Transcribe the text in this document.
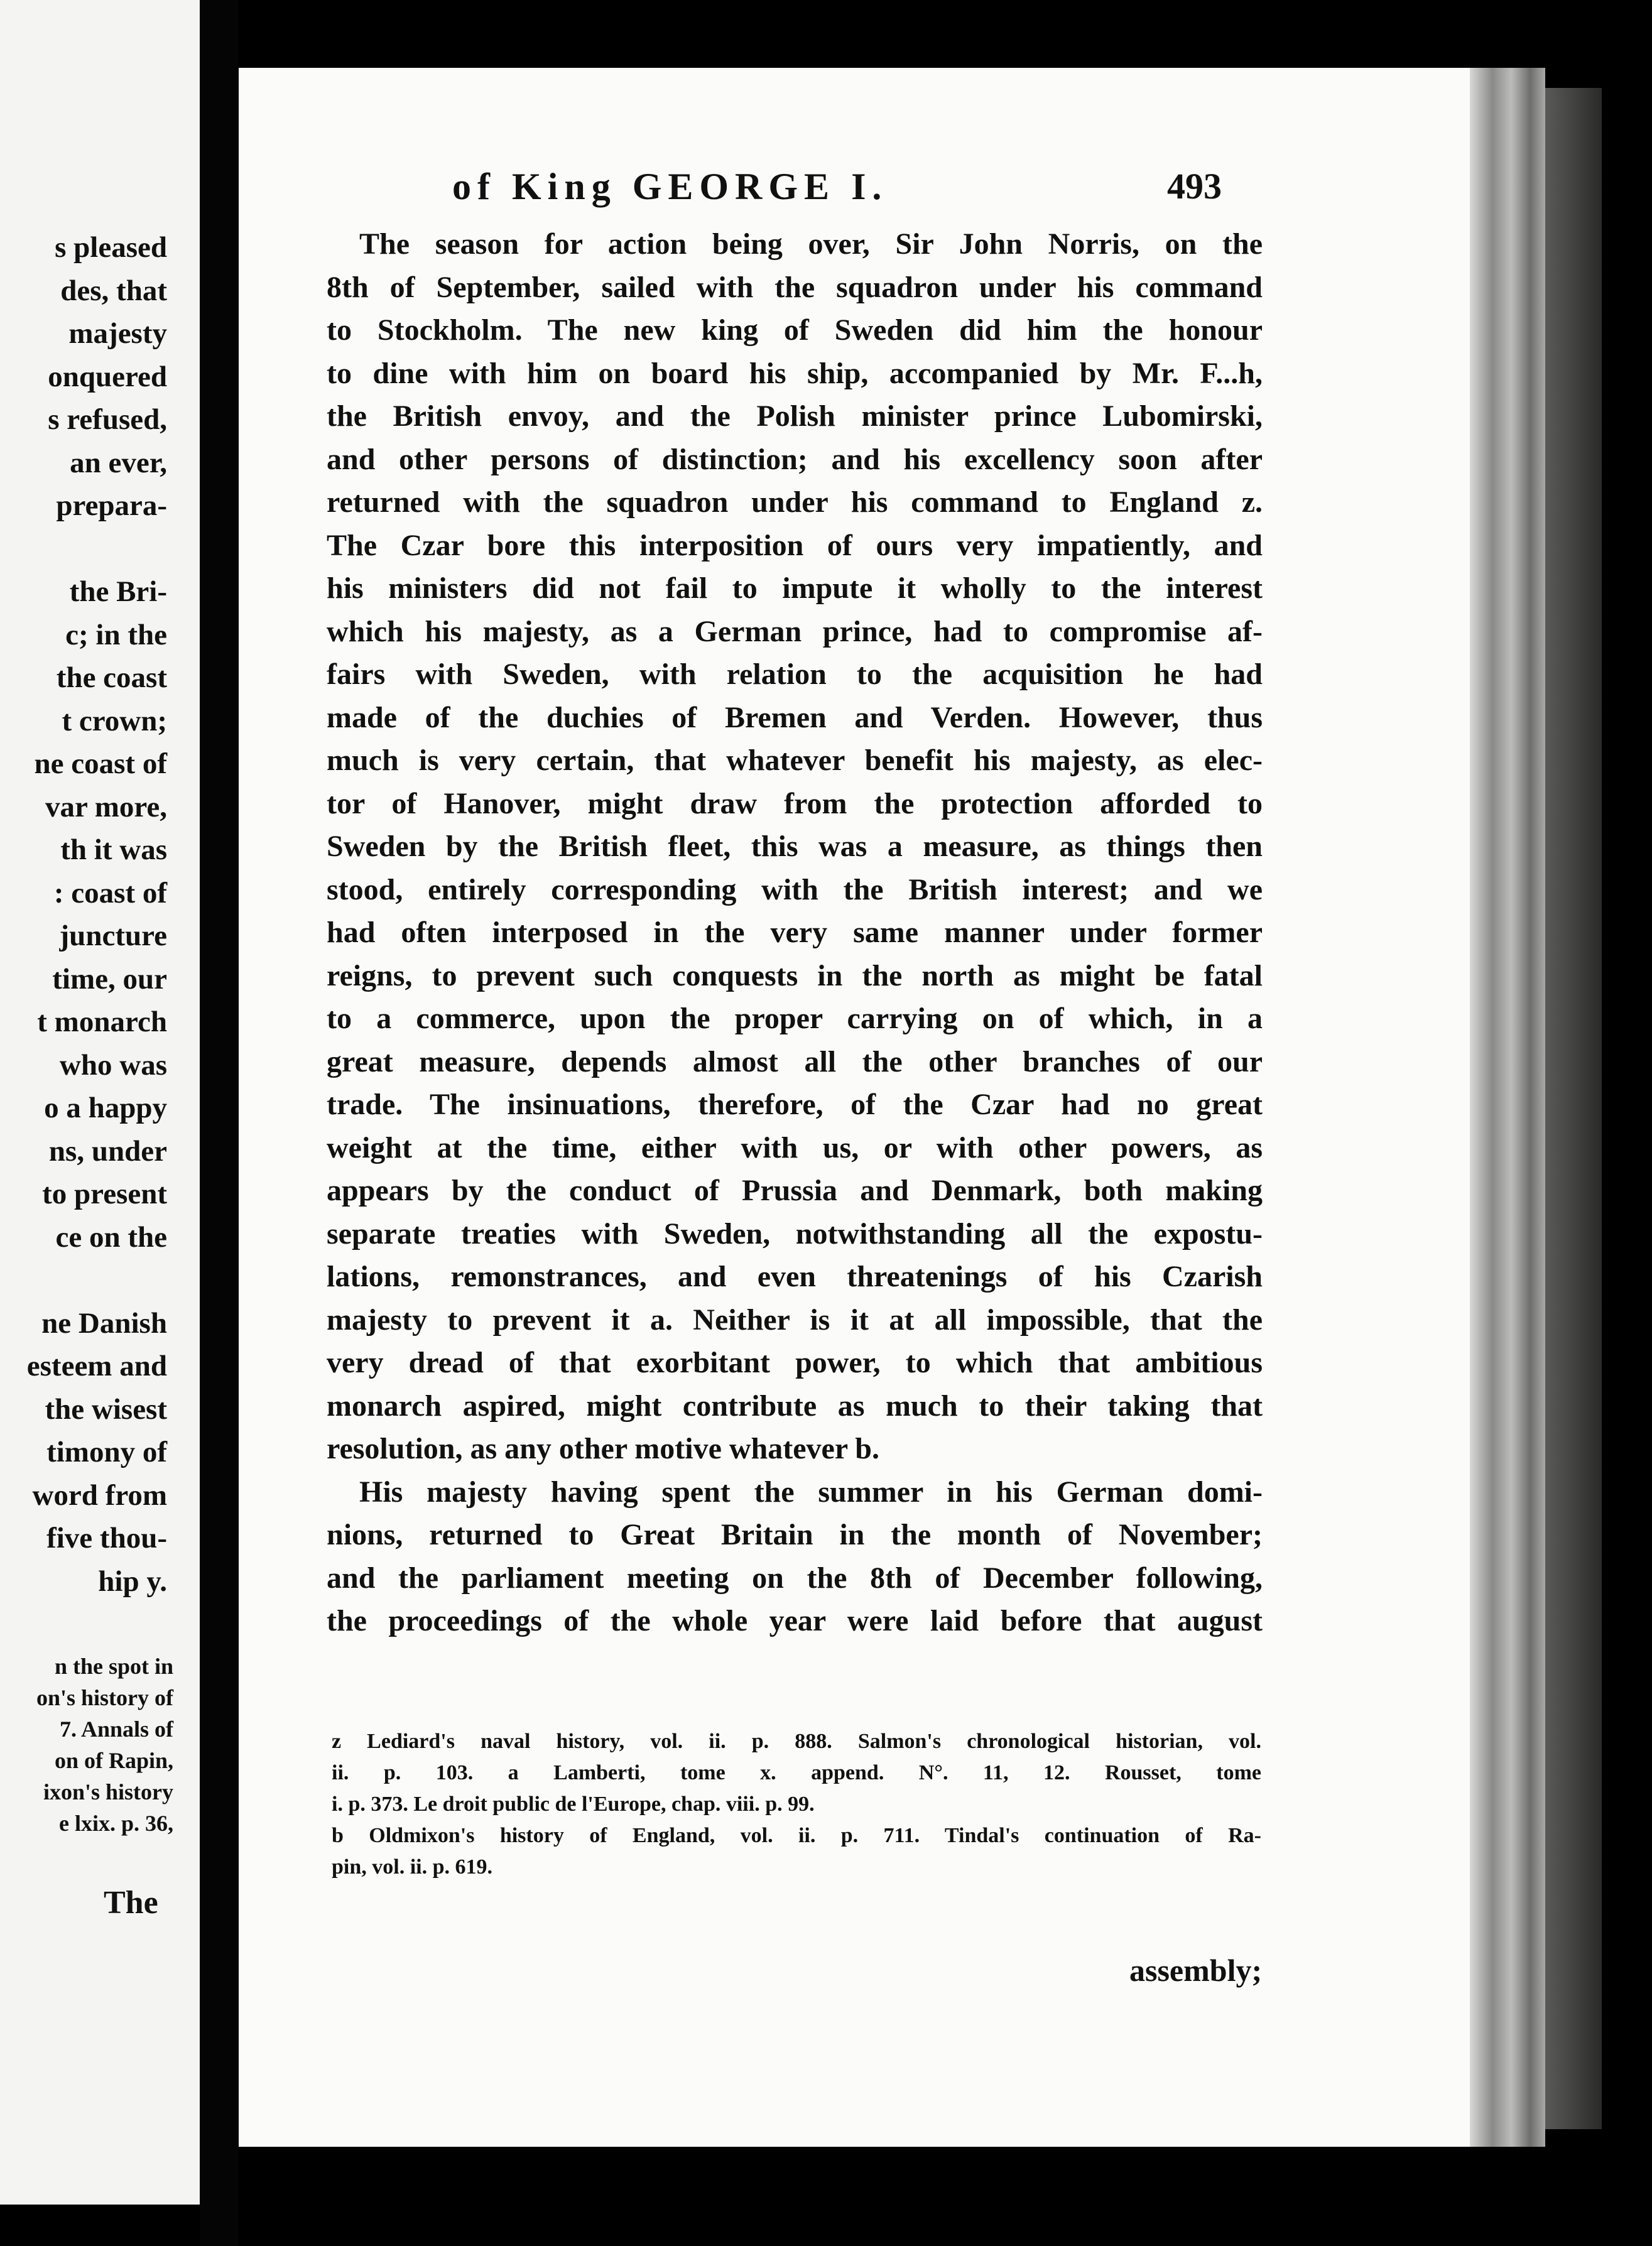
s pleased
des, that
majesty
onquered
s refused,
an ever,
prepara-
the Bri-
c; in the
the coast
t crown;
ne coast of
var more,
th it was
: coast of
juncture
time, our
t monarch
who was
o a happy
ns, under
to present
ce on the
ne Danish
esteem and
the wisest
timony of
word from
five thou-
hip y.
n the spot in
on's history of
7. Annals of
on of Rapin,
ixon's history
e lxix. p. 36,
The
of King GEORGE I.	493
The season for action being over, Sir John Norris, on the
8th of September, sailed with the squadron under his command
to Stockholm. The new king of Sweden did him the honour
to dine with him on board his ship, accompanied by Mr. F...h,
the British envoy, and the Polish minister prince Lubomirski,
and other persons of distinction; and his excellency soon after
returned with the squadron under his command to England z.
The Czar bore this interposition of ours very impatiently, and
his ministers did not fail to impute it wholly to the interest
which his majesty, as a German prince, had to compromise af-
fairs with Sweden, with relation to the acquisition he had
made of the duchies of Bremen and Verden. However, thus
much is very certain, that whatever benefit his majesty, as elec-
tor of Hanover, might draw from the protection afforded to
Sweden by the British fleet, this was a measure, as things then
stood, entirely corresponding with the British interest; and we
had often interposed in the very same manner under former
reigns, to prevent such conquests in the north as might be fatal
to a commerce, upon the proper carrying on of which, in a
great measure, depends almost all the other branches of our
trade. The insinuations, therefore, of the Czar had no great
weight at the time, either with us, or with other powers, as
appears by the conduct of Prussia and Denmark, both making
separate treaties with Sweden, notwithstanding all the expostu-
lations, remonstrances, and even threatenings of his Czarish
majesty to prevent it a. Neither is it at all impossible, that the
very dread of that exorbitant power, to which that ambitious
monarch aspired, might contribute as much to their taking that
resolution, as any other motive whatever b.
His majesty having spent the summer in his German domi-
nions, returned to Great Britain in the month of November;
and the parliament meeting on the 8th of December following,
the proceedings of the whole year were laid before that august
z Lediard's naval history, vol. ii. p. 888. Salmon's chronological historian, vol.
ii. p. 103. a Lamberti, tome x. append. N°. 11, 12. Rousset, tome
i. p. 373. Le droit public de l'Europe, chap. viii. p. 99.
b Oldmixon's history of England, vol. ii. p. 711. Tindal's continuation of Ra-
pin, vol. ii. p. 619.
assembly;
